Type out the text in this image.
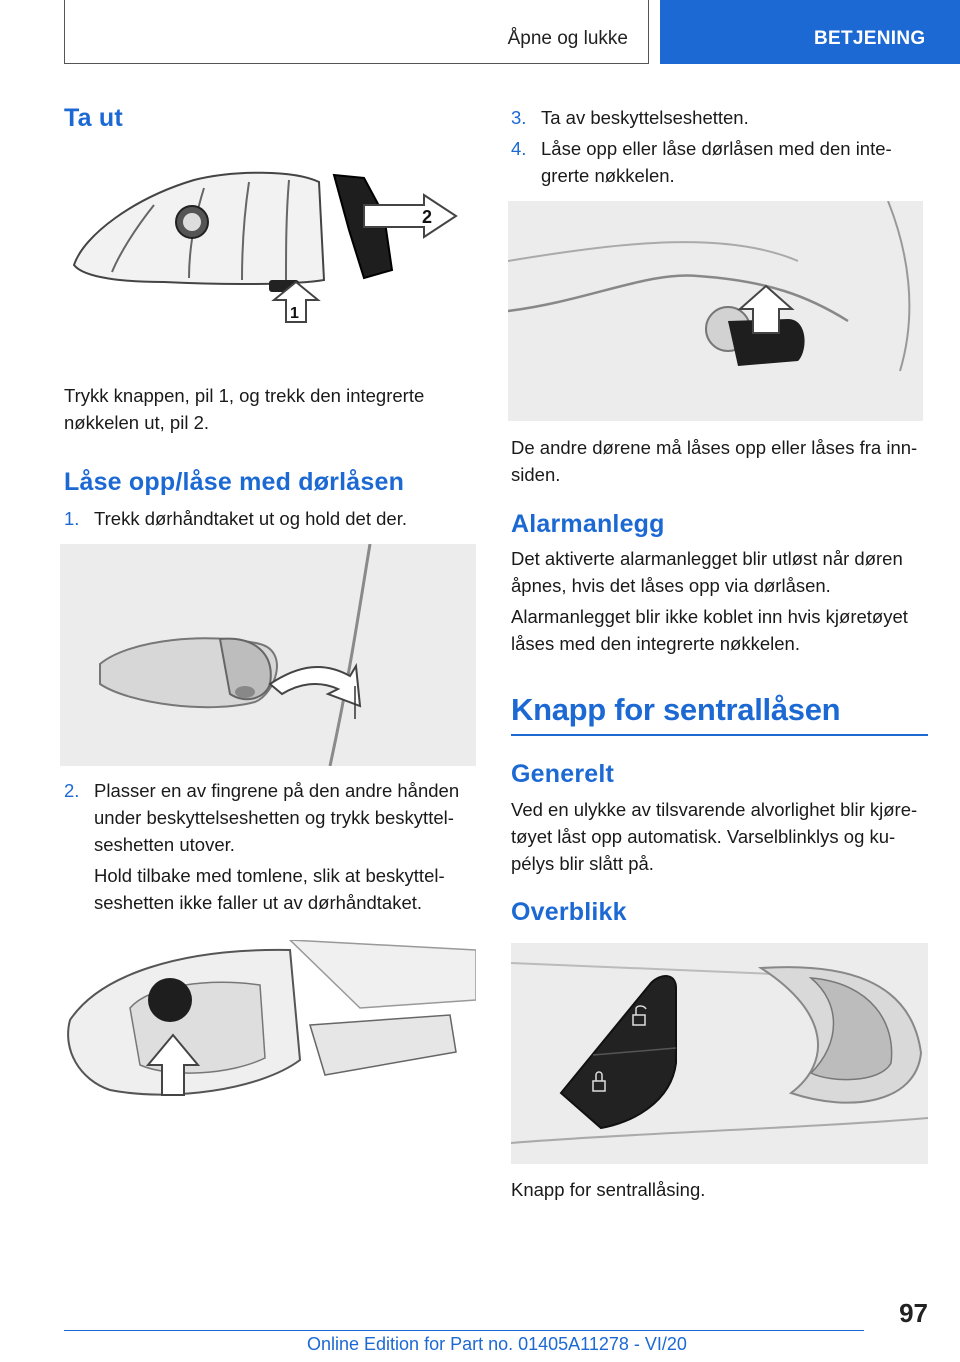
Åpne og lukke	BETJENING
Ta ut
2
1
Trykk knappen, pil 1, og trekk den integrerte nøkkelen ut, pil 2.
Låse opp/låse med dørlåsen
1. Trekk dørhåndtaket ut og hold det der.
2. Plasser en av fingrene på den andre hånden under beskyttelseshetten og trykk beskyttel‐seshetten utover.
Hold tilbake med tomlene, slik at beskyttel‐seshetten ikke faller ut av dørhåndtaket.
3. Ta av beskyttelseshetten.
4. Låse opp eller låse dørlåsen med den inte‐grerte nøkkelen.
De andre dørene må låses opp eller låses fra inn‐siden.
Alarmanlegg
Det aktiverte alarmanlegget blir utløst når døren åpnes, hvis det låses opp via dørlåsen.
Alarmanlegget blir ikke koblet inn hvis kjøretøyet låses med den integrerte nøkkelen.
Knapp for sentrallåsen
Generelt
Ved en ulykke av tilsvarende alvorlighet blir kjøre‐tøyet låst opp automatisk. Varselblinklys og ku‐pélys blir slått på.
Overblikk
Knapp for sentrallåsing.
97
Online Edition for Part no. 01405A11278 - VI/20
